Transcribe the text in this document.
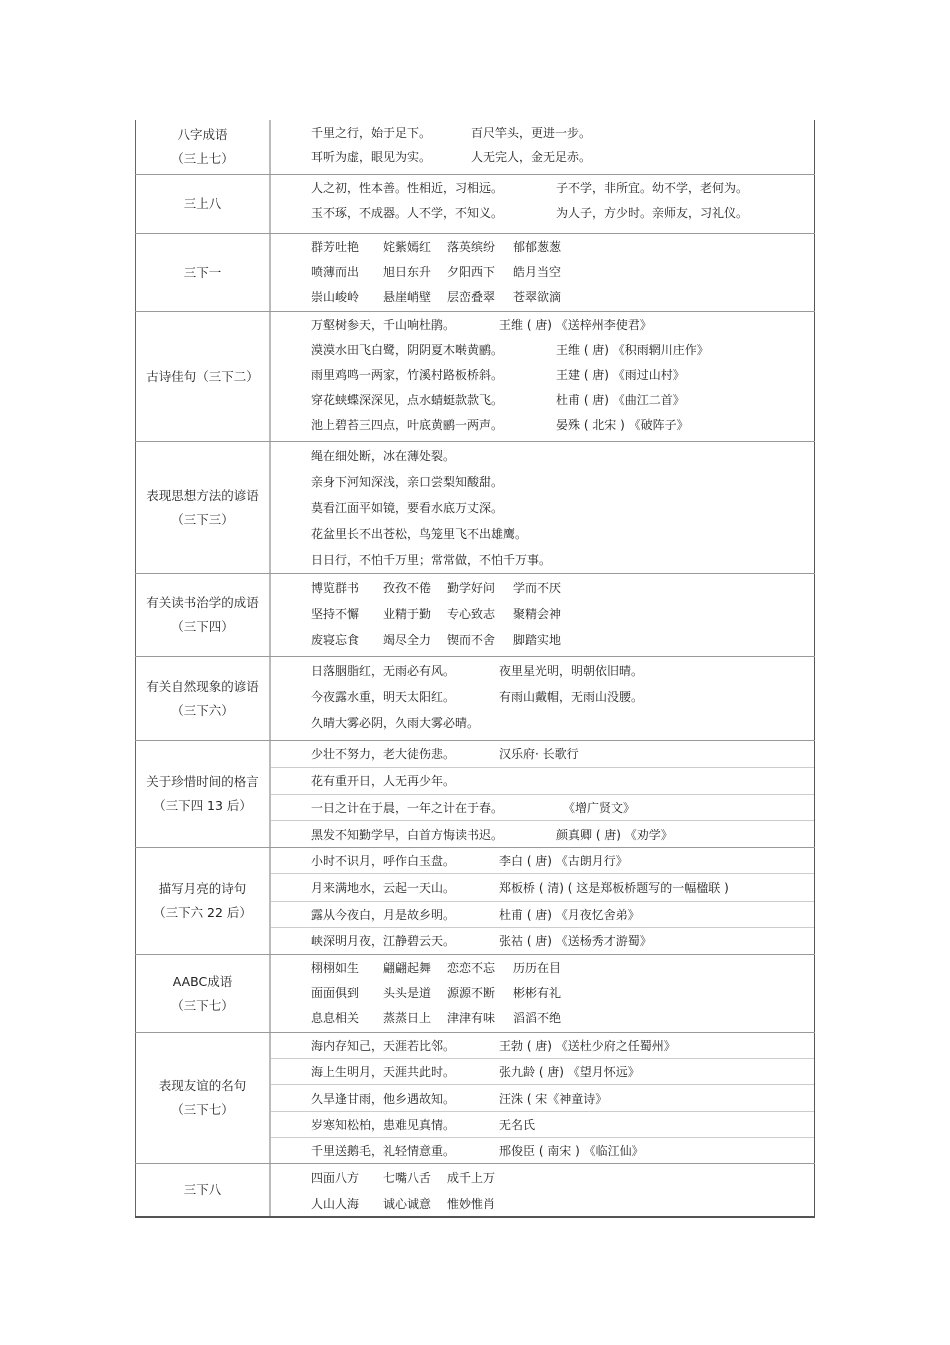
八字成语
（三上七）
千里之行，始于足下。	百尺竿头，更进一步。
耳听为虚，眼见为实。	人无完人，金无足赤。
三上八
人之初，性本善。性相近，习相远。	子不学，非所宜。幼不学，老何为。
玉不琢，不成器。人不学，不知义。	为人子，方少时。亲师友，习礼仪。
三下一
群芳吐艳 姹紫嫣红 落英缤纷 郁郁葱葱
喷薄而出 旭日东升 夕阳西下 皓月当空
崇山峻岭 悬崖峭壁 层峦叠翠 苍翠欲滴
古诗佳句（三下二）
万壑树参天，千山响杜鹃。	王维 ( 唐) 《送梓州李使君》
漠漠水田飞白鹭，阴阴夏木啭黄鹂。	王维 ( 唐) 《积雨辋川庄作》
雨里鸡鸣一两家，竹溪村路板桥斜。	王建 ( 唐) 《雨过山村》
穿花蛱蝶深深见，点水蜻蜓款款飞。	杜甫 ( 唐) 《曲江二首》
池上碧苔三四点，叶底黄鹂一两声。	晏殊 ( 北宋 ) 《破阵子》
表现思想方法的谚语
（三下三）
绳在细处断，冰在薄处裂。
亲身下河知深浅，亲口尝梨知酸甜。
莫看江面平如镜，要看水底万丈深。
花盆里长不出苍松，鸟笼里飞不出雄鹰。
日日行，不怕千万里；常常做，不怕千万事。
有关读书治学的成语
（三下四）
博览群书 孜孜不倦 勤学好问 学而不厌
坚持不懈 业精于勤 专心致志 聚精会神
废寝忘食 竭尽全力 锲而不舍 脚踏实地
有关自然现象的谚语
（三下六）
日落胭脂红，无雨必有风。	夜里星光明，明朝依旧晴。
今夜露水重，明天太阳红。	有雨山戴帽，无雨山没腰。
久晴大雾必阴，久雨大雾必晴。
关于珍惜时间的格言
（三下四 13 后）
少壮不努力，老大徒伤悲。	汉乐府· 长歌行
花有重开日，人无再少年。
一日之计在于晨，一年之计在于春。	《增广贤文》
黑发不知勤学早，白首方悔读书迟。	颜真卿 ( 唐) 《劝学》
描写月亮的诗句
（三下六 22 后）
小时不识月，呼作白玉盘。	李白 ( 唐) 《古朗月行》
月来满地水，云起一天山。	郑板桥 ( 清) ( 这是郑板桥题写的一幅楹联 )
露从今夜白，月是故乡明。	杜甫 ( 唐) 《月夜忆舍弟》
峡深明月夜，江静碧云天。	张祜 ( 唐) 《送杨秀才游蜀》
AABC成语
（三下七）
栩栩如生 翩翩起舞 恋恋不忘 历历在目
面面俱到 头头是道 源源不断 彬彬有礼
息息相关 蒸蒸日上 津津有味 滔滔不绝
表现友谊的名句
（三下七）
海内存知己，天涯若比邻。	王勃 ( 唐) 《送杜少府之任蜀州》
海上生明月，天涯共此时。	张九龄 ( 唐) 《望月怀远》
久旱逢甘雨，他乡遇故知。	汪洙 ( 宋《神童诗》
岁寒知松柏，患难见真情。	无名氏
千里送鹅毛，礼轻情意重。	邢俊臣 ( 南宋 ) 《临江仙》
三下八
四面八方 七嘴八舌 成千上万
人山人海 诚心诚意 惟妙惟肖
